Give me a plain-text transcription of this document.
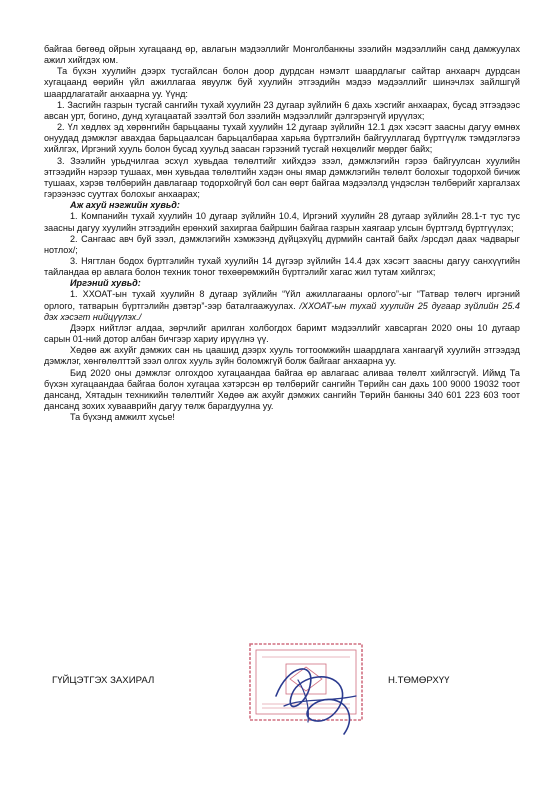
байгаа бөгөөд ойрын хугацаанд өр, авлагын мэдээллийг Монголбанкны зээлийн мэдээллийн санд дамжуулах ажил хийгдэх юм.

Та бүхэн хуулийн дээрх тусгайлсан болон доор дурдсан нэмэлт шаардлагыг сайтар анхаарч дурдсан хугацаанд өөрийн үйл ажиллагаа явуулж буй хуулийн этгээдийн мэдээ мэдээллийг шинэчлэх зайлшгүй шаардлагатайг анхаарна уу. Үүнд:

1. Засгийн газрын тусгай сангийн тухай хуулийн 23 дугаар зүйлийн 6 дахь хэсгийг анхаарах, бусад этгээдээс авсан урт, богино, дунд хугацаатай зээлтэй бол зээлийн мэдээллийг дэлгэрэнгүй ирүүлэх;

2. Үл хөдлөх эд хөрөнгийн барьцааны тухай хуулийн 12 дугаар зүйлийн 12.1 дэх хэсэгт заасны дагуу өмнөх онуудад дэмжлэг авахдаа барьцаалсан барьцалбараа харьяа бүртгэлийн байгууллагад бүртгүүлж тэмдэглэгээ хийлгэх, Иргэний хууль болон бусад хуульд заасан гэрээний тусгай нөхцөлийг мөрдөг байх;

3. Зээлийн урьдчилгаа эсхүл хувьдаа төлөлтийг хийхдээ зээл, дэмжлэгийн гэрээ байгуулсан хуулийн этгээдийн нэрээр тушаах, мөн хувьдаа төлөлтийн хэдэн оны ямар дэмжлэгийн төлөлт болохыг тодорхой бичиж тушаах, хэрэв төлбөрийн давлагаар тодорхойгүй бол сан өөрт байгаа мэдээлэлд үндэслэн төлбөрийг харгалзах гэрээнээс суутгах болохыг анхаарах;

Аж ахуй нэгжийн хувьд:

1. Компанийн тухай хуулийн 10 дугаар зүйлийн 10.4, Иргэний хуулийн 28 дугаар зүйлийн 28.1-т тус тус заасны дагуу хуулийн этгээдийн ерөнхий захиргаа байршин байгаа газрын хаягаар улсын бүртгэлд бүртгүүлэх;

2. Сангаас авч буй зээл, дэмжлэгийн хэмжээнд дүйцэхүйц дүрмийн сантай байх /эрсдэл даах чадварыг нотлох/;

3. Нягтлан бодох бүртгэлийн тухай хуулийн 14 дүгээр зүйлийн 14.4 дэх хэсэгт заасны дагуу санхүүгийн тайландаа өр авлага болон техник тоног төхөөрөмжийн бүртгэлийг хагас жил тутам хийлгэх;

Иргэний хувьд:

1. ХХОАТ-ын тухай хуулийн 8 дугаар зүйлийн “Үйл ажиллагааны орлого”-ыг “Татвар төлөгч иргэний орлого, татварын бүртгэлийн дэвтэр”-ээр баталгаажуулах. /ХХОАТ-ын тухай хуулийн 25 дугаар зүйлийн 25.4 дэх хэсэгт нийцүүлэх./

Дээрх нийтлэг алдаа, зөрчлийг арилган холбогдох баримт мэдээллийг хавсарган 2020 оны 10 дугаар сарын 01-ний дотор албан бичгээр хариу ирүүлнэ үү.

Хөдөө аж ахуйг дэмжих сан нь цаашид дээрх хууль тогтоомжийн шаардлага хангаагүй хуулийн этгээдэд дэмжлэг, хөнгөлөлттэй зээл олгох хууль зүйн боломжгүй болж байгааг анхаарна уу.

Бид 2020 оны дэмжлэг олгохдоо хугацаандаа байгаа өр авлагаас аливаа төлөлт хийлгэсгүй. Иймд Та бүхэн хугацаандаа байгаа болон хугацаа хэтэрсэн өр төлбөрийг сангийн Төрийн сан дахь 100 9000 19032 тоот дансанд, Хятадын техникийн төлөлтийг Хөдөө аж ахуйг дэмжих сангийн Төрийн банкны 340 601 223 603 тоот дансанд зохих хувааврийн дагуу төлж барагдуулна уу.

Та бүхэнд амжилт хүсье!

ГҮЙЦЭТГЭХ ЗАХИРАЛ	Н.ТӨМӨРХҮҮ
